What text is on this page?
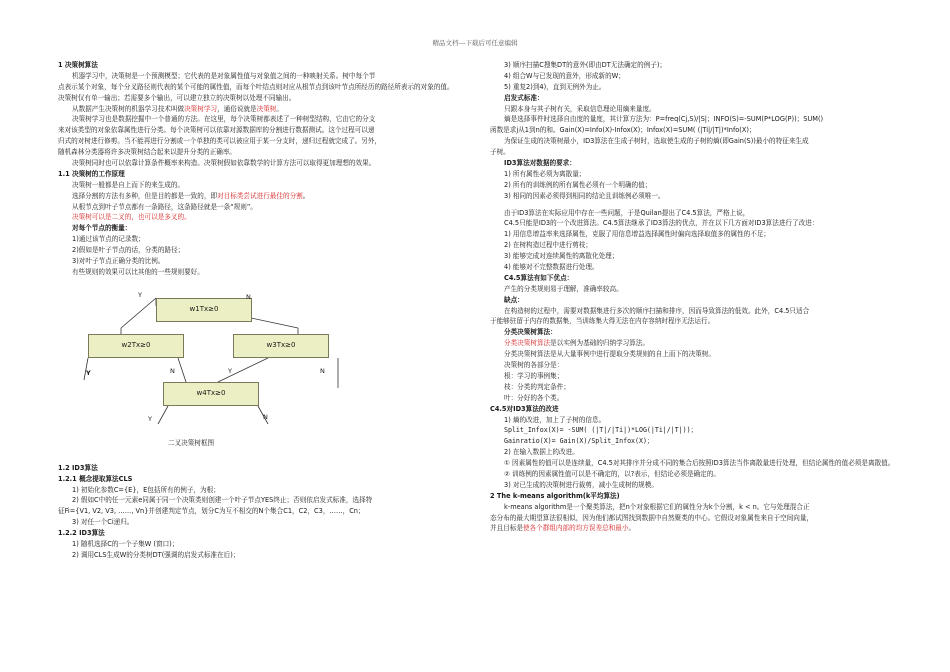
精品文档---下载后可任意编辑
1 决策树算法
机器学习中，决策树是一个预测模型；它代表的是对象属性值与对象值之间的一种映射关系。树中每个节
点表示某个对象，每个分叉路径则代表的某个可能的属性值，而每个叶结点则对应从根节点到该叶节点所经历的路径所表示的对象的值。
决策树仅有单一输出；若需要多个输出，可以建立独立的决策树以处理不同输出。
从数据产生决策树的机器学习技术叫做决策树学习，通俗说就是决策树。
决策树学习也是数据挖掘中一个普通的方法。在这里，每个决策树都表述了一种树型结构，它由它的分支
来对该类型的对象依靠属性进行分类。每个决策树可以依靠对源数据库的分割进行数据测试。这个过程可以递
归式的对树进行修剪。当不能再进行分割或一个单独的类可以被应用于某一分支时，递归过程就完成了。另外，
随机森林分类器将许多决策树结合起来以提升分类的正确率。
决策树同时也可以依靠计算条件概率来构造。决策树假如依靠数学的计算方法可以取得更加理想的效果。
1.1 决策树的工作原理
决策树一般都是自上而下的来生成的。
选择分割的方法有多种，但是目的都是一致的，即对目标类尝试进行最佳的分割。
从根节点到叶子节点都有一条路径，这条路径就是一条“规则”。
决策树可以是二叉的，也可以是多叉的。
对每个节点的衡量：
1)通过该节点的记录数；
2)假如是叶子节点的话，分类的路径；
3)对叶子节点正确分类的比例。
有些规则的效果可以比其他的一些规则要好。
w1Tx≥0
w2Tx≥0	w3Tx≥0
w4Tx≥0
Y	N
Y	N	Y	N
Y	N
二叉决策树框图
1.2 ID3算法
1.2.1 概念提取算法CLS
1) 初始化参数C={E}，E包括所有的例子，为根；
2) 假如C中的任一元素e同属于同一个决策类则创建一个叶子节点YES终止；否则依启发式标准，选择特
征Fi={V1, V2, V3, ……, Vn}并创建判定节点，划分C为互不相交的N个集合C1，C2，C3，……，Cn；
3) 对任一个Ci递归。
1.2.2 ID3算法
1) 随机选择C的一个子集W (窗口)；
2) 调用CLS生成W的分类树DT(强调的启发式标准在后)；
3) 顺序扫描C搜集DT的意外(即由DT无法确定的例子)；
4) 组合W与已发现的意外，形成新的W；
5) 重复2)到4)，直到无例外为止。
启发式标准：
只跟本身与其子树有关，采取信息理论用熵来量度。
熵是选择事件时选择自由度的量度，其计算方法为：P=freq(Cj,S)/|S|；INFO(S)=-SUM(P*LOG(P))；SUM()
函数是求j从1到n的和。Gain(X)=Info(X)-Infox(X)；Infox(X)=SUM( (|Ti|/|T|)*Info(X)；
为保证生成的决策树最小，ID3算法在生成子树时，选取使生成的子树的熵(即Gain(S))最小的特征来生成
子树。
ID3算法对数据的要求：
1) 所有属性必须为离散量；
2) 所有的训练例的所有属性必须有一个明确的值；
3) 相同的因素必须得到相同的结论且训练例必须唯一。
由于ID3算法在实际应用中存在一些问题，于是Quilan提出了C4.5算法，严格上说，
C4.5只能是ID3的一个改进算法。C4.5算法继承了ID3算法的优点，并在以下几方面对ID3算法进行了改进：
1) 用信息增益率来选择属性，克服了用信息增益选择属性时偏向选择取值多的属性的不足；
2) 在树构造过程中进行剪枝；
3) 能够完成对连续属性的离散化处理；
4) 能够对不完整数据进行处理。
C4.5算法有如下优点：
产生的分类规则易于理解，准确率较高。
缺点：
在构造树的过程中，需要对数据集进行多次的顺序扫描和排序，因而导致算法的低效。此外，C4.5只适合
于能够驻留于内存的数据集，当训练集大得无法在内存容纳时程序无法运行。
分类决策树算法：
分类决策树算法是以实例为基础的归纳学习算法。
分类决策树算法是从大量事例中进行提取分类规则的自上而下的决策树。
决策树的各部分是：
根：学习的事例集；
枝：分类的判定条件；
叶：分好的各个类。
C4.5对ID3算法的改进
1) 熵的改进，加上了子树的信息。
Split_Infox(X)= -SUM( (|T|/|Ti|)*LOG(|Ti|/|T|))；
Gainratio(X)= Gain(X)/Split_Infox(X)；
2) 在输入数据上的改进。
① 因素属性的值可以是连续量，C4.5对其排序并分成不同的集合后按照ID3算法当作离散量进行处理，但结论属性的值必须是离散值。
② 训练例的因素属性值可以是不确定的，以?表示，但结论必须是确定的。
3) 对已生成的决策树进行裁剪，减小生成树的规模。
2 The k-means algorithm(k平均算法)
k-means algorithm是一个聚类算法，把n个对象根据它们的属性分为k个分割，k < n。它与处理混合正
态分布的最大期望算法很相似，因为他们都试图找到数据中自然聚类的中心。它假设对象属性来自于空间向量，
并且目标是使各个群组内部的均方误差总和最小。
